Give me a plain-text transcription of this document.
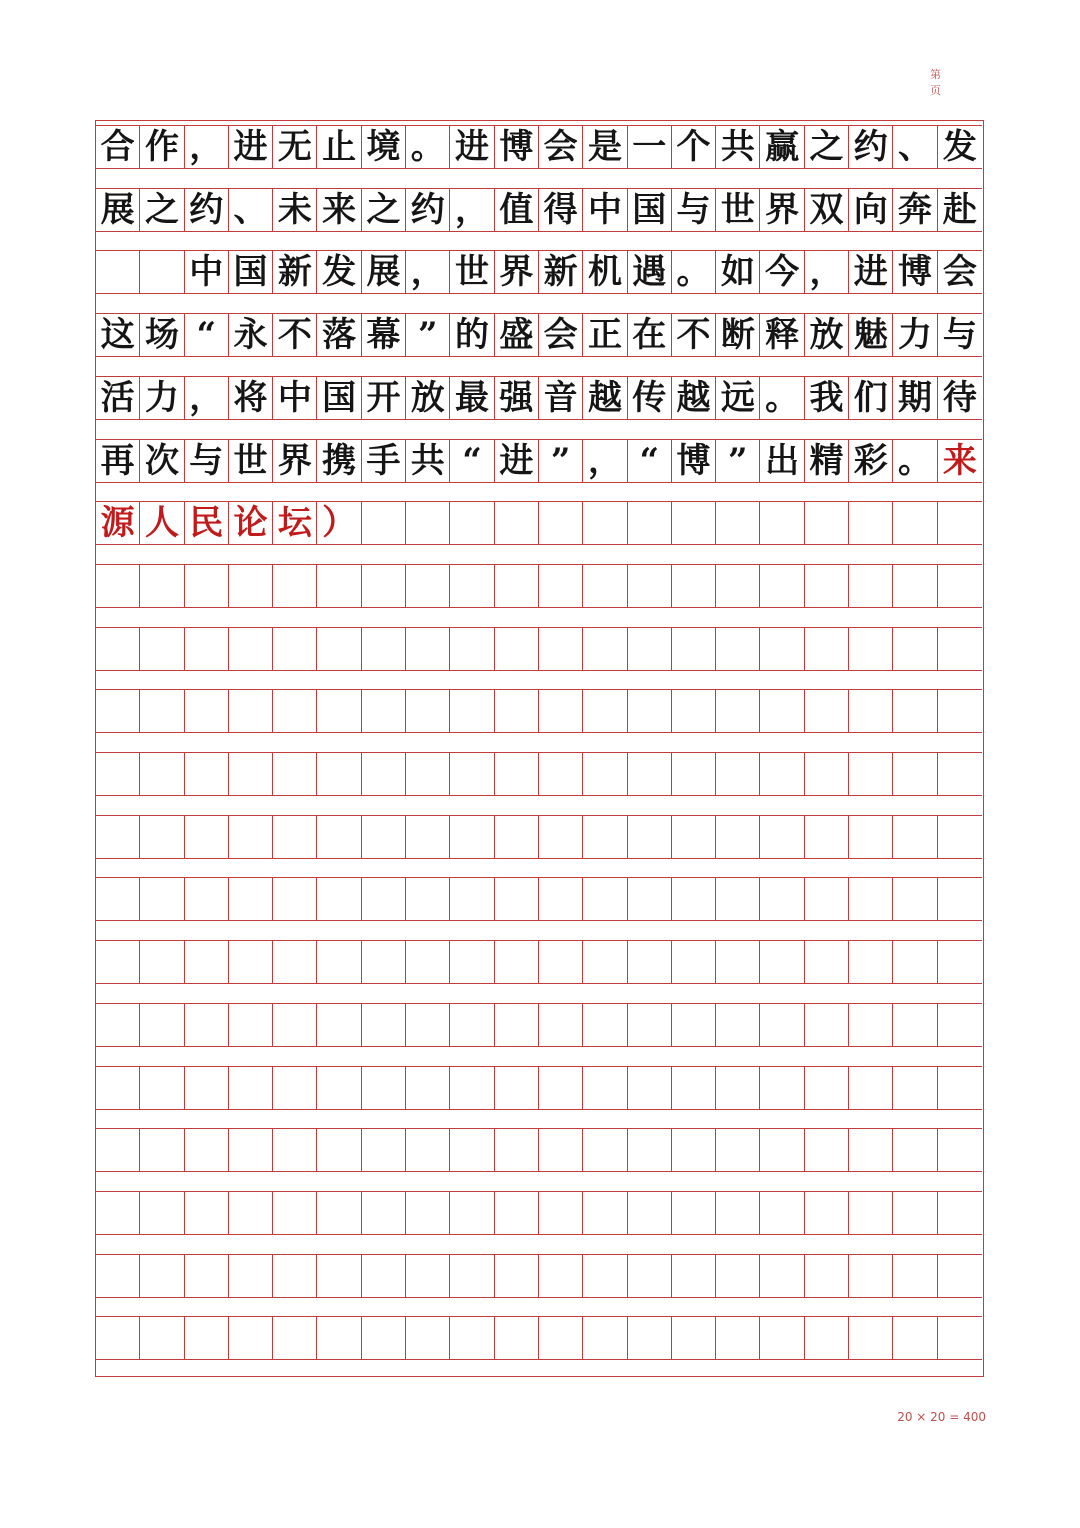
第　页
合 作 ， 进 无 止 境 。 进 博 会 是 一 个 共 赢 之 约 、 发
展 之 约 、 未 来 之 约 ， 值 得 中 国 与 世 界 双 向 奔 赴

中 国 新 发 展 ， 世 界 新 机 遇 。 如 今 ， 进 博 会
这 场 “ 永 不 落 幕 ” 的 盛 会 正 在 不 断 释 放 魅 力 与
活 力 ， 将 中 国 开 放 最 强 音 越 传 越 远 。 我 们 期 待
再 次 与 世 界 携 手 共 “ 进 ” ， “ 博 ” 出 精 彩 。 来
源 人 民 论 坛 ）
20 × 20 = 400
